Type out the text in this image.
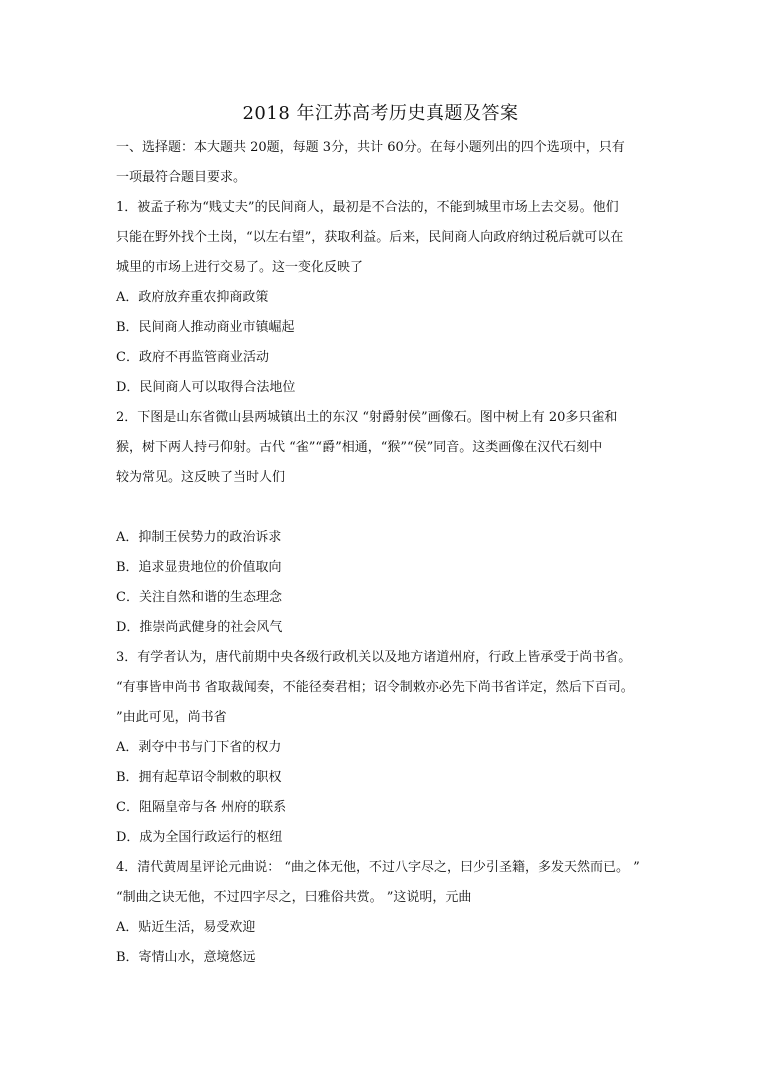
2018 年江苏高考历史真题及答案
一、选择题：本大题共 20题，每题 3分，共计 60分。在每小题列出的四个选项中，只有
一项最符合题目要求。
1．被孟子称为“贱丈夫”的民间商人，最初是不合法的，不能到城里市场上去交易。他们
只能在野外找个土岗，“以左右望”，获取利益。后来，民间商人向政府纳过税后就可以在
城里的市场上进行交易了。这一变化反映了
A．政府放弃重农抑商政策
B．民间商人推动商业市镇崛起
C．政府不再监管商业活动
D．民间商人可以取得合法地位
2．下图是山东省微山县两城镇出土的东汉 “射爵射侯”画像石。图中树上有 20多只雀和
猴，树下两人持弓仰射。古代 “雀”“爵”相通，“猴”“侯”同音。这类画像在汉代石刻中
较为常见。这反映了当时人们
A．抑制王侯势力的政治诉求
B．追求显贵地位的价值取向
C．关注自然和谐的生态理念
D．推崇尚武健身的社会风气
3．有学者认为，唐代前期中央各级行政机关以及地方诸道州府，行政上皆承受于尚书省。
“有事皆申尚书 省取裁闻奏，不能径奏君相；诏令制敕亦必先下尚书省详定，然后下百司。
”由此可见，尚书省
A．剥夺中书与门下省的权力
B．拥有起草诏令制敕的职权
C．阻隔皇帝与各 州府的联系
D．成为全国行政运行的枢纽
4．清代黄周星评论元曲说： “曲之体无他，不过八字尽之，曰少引圣籍，多发天然而已。 ”
“制曲之诀无他，不过四字尽之，曰雅俗共赏。 ”这说明，元曲
A．贴近生活，易受欢迎
B．寄情山水，意境悠远
